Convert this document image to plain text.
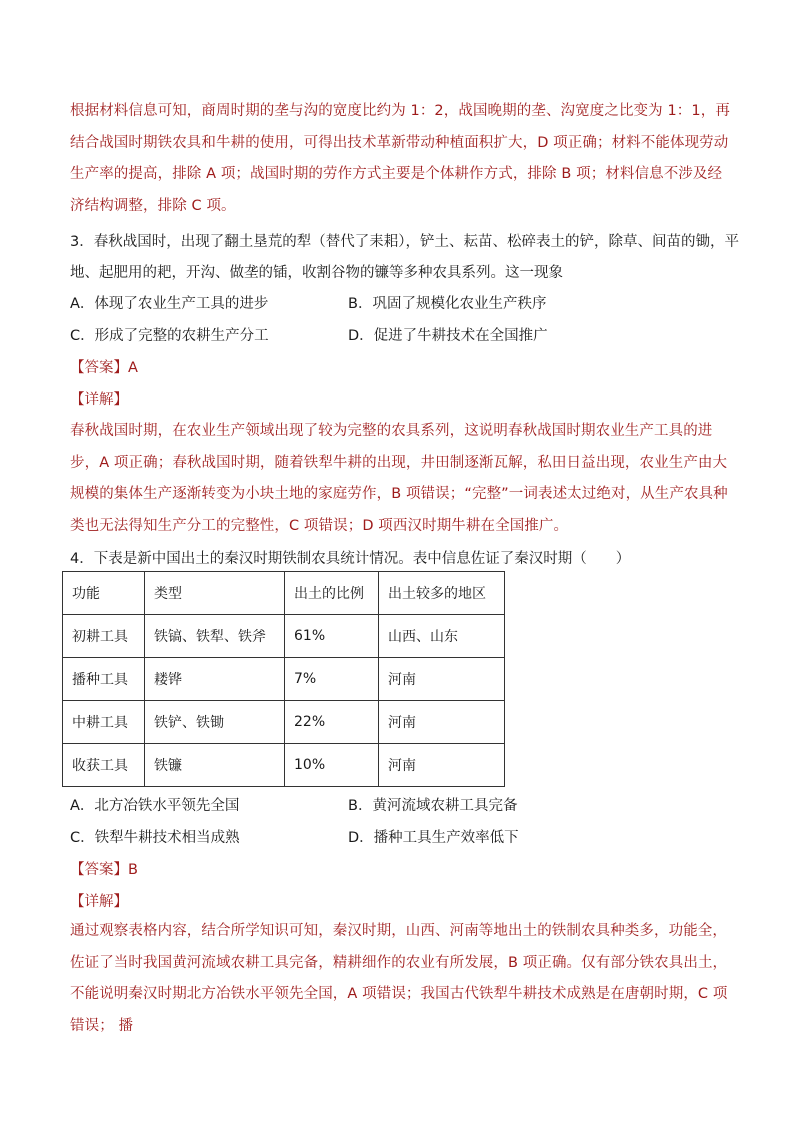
根据材料信息可知，商周时期的垄与沟的宽度比约为 1：2，战国晚期的垄、沟宽度之比变为 1：1，再结合战国时期铁农具和牛耕的使用，可得出技术革新带动种植面积扩大，D 项正确；材料不能体现劳动生产率的提高，排除 A 项；战国时期的劳作方式主要是个体耕作方式，排除 B 项；材料信息不涉及经济结构调整，排除 C 项。
3．春秋战国时，出现了翻土垦荒的犁（替代了耒耜），铲土、耘苗、松碎表土的铲，除草、间苗的锄，平
地、起肥用的耙，开沟、做垄的锸，收割谷物的镰等多种农具系列。这一现象
A．体现了农业生产工具的进步	B．巩固了规模化农业生产秩序
C．形成了完整的农耕生产分工	D．促进了牛耕技术在全国推广
【答案】A
【详解】
春秋战国时期，在农业生产领域出现了较为完整的农具系列，这说明春秋战国时期农业生产工具的进步，A 项正确；春秋战国时期，随着铁犁牛耕的出现，井田制逐渐瓦解，私田日益出现，农业生产由大规模的集体生产逐渐转变为小块土地的家庭劳作，B 项错误；“完整”一词表述太过绝对，从生产农具种类也无法得知生产分工的完整性，C 项错误；D 项西汉时期牛耕在全国推广。
4．下表是新中国出土的秦汉时期铁制农具统计情况。表中信息佐证了秦汉时期（　　）
功能	类型	出土的比例	出土较多的地区
初耕工具	铁镐、铁犁、铁斧	61%	山西、山东
播种工具	耧铧	7%	河南
中耕工具	铁铲、铁锄	22%	河南
收获工具	铁镰	10%	河南
A．北方冶铁水平领先全国	B．黄河流域农耕工具完备
C．铁犁牛耕技术相当成熟	D．播种工具生产效率低下
【答案】B
【详解】
通过观察表格内容，结合所学知识可知，秦汉时期，山西、河南等地出土的铁制农具种类多，功能全，佐证了当时我国黄河流域农耕工具完备，精耕细作的农业有所发展，B 项正确。仅有部分铁农具出土，不能说明秦汉时期北方冶铁水平领先全国，A 项错误；我国古代铁犁牛耕技术成熟是在唐朝时期，C 项错误； 播
